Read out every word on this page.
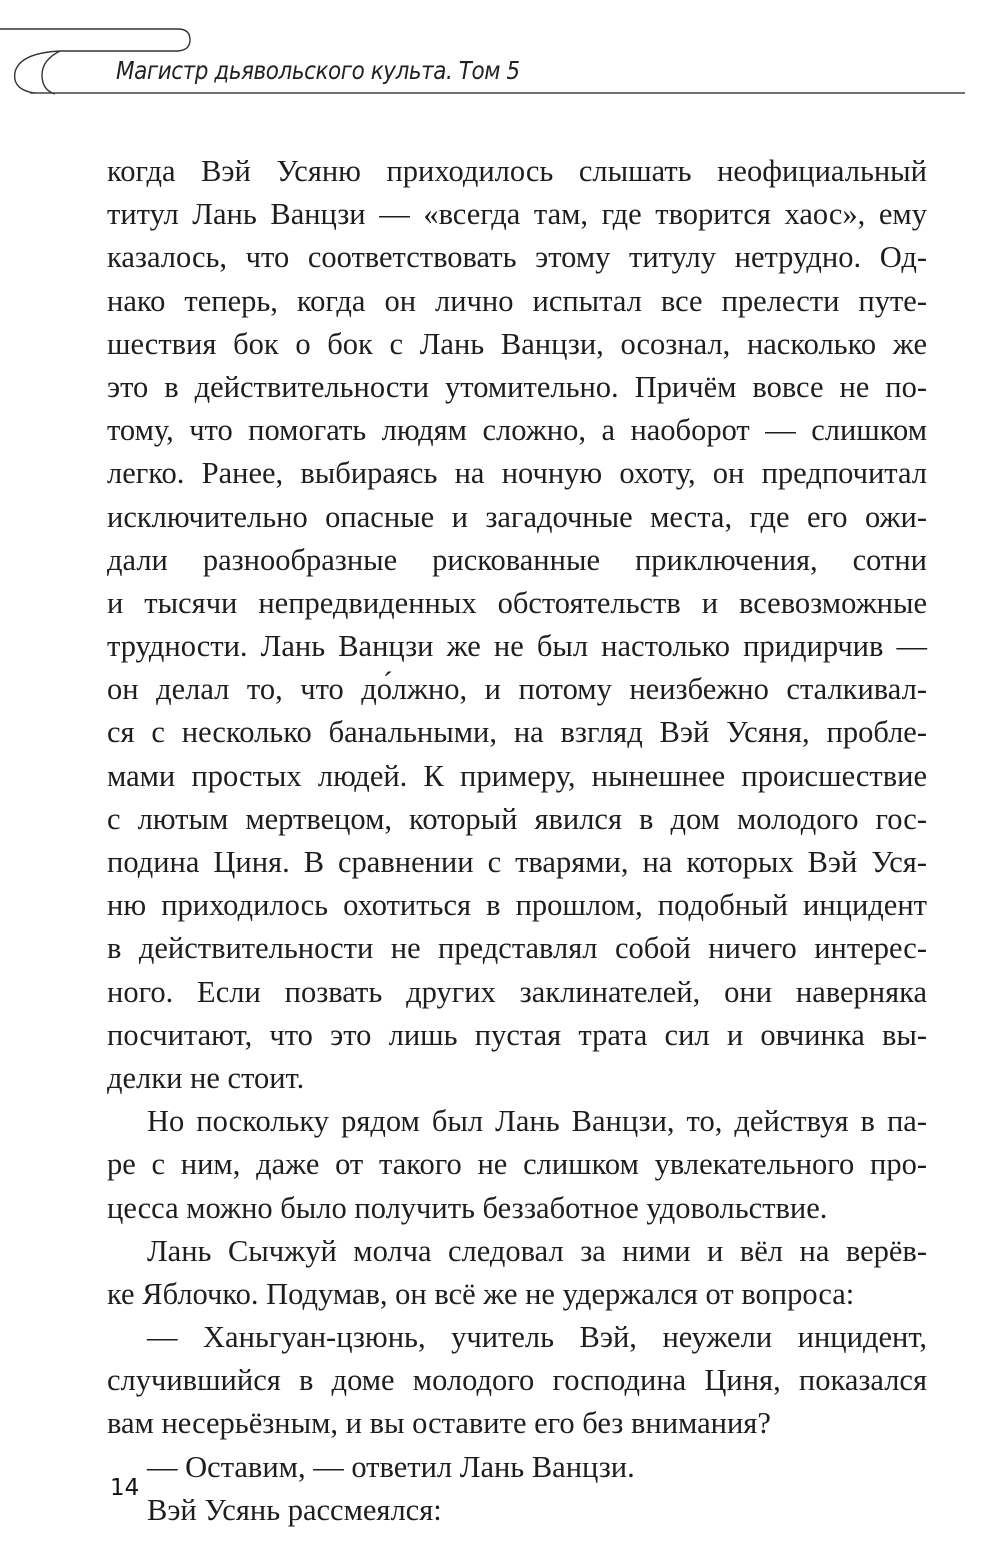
Магистр дьявольского культа. Том 5
когда Вэй Усяню приходилось слышать неофициальный
титул Лань Ванцзи — «всегда там, где творится хаос», ему
казалось, что соответствовать этому титулу нетрудно. Од-
нако теперь, когда он лично испытал все прелести путе-
шествия бок о бок с Лань Ванцзи, осознал, насколько же
это в действительности утомительно. Причём вовсе не по-
тому, что помогать людям сложно, а наоборот — слишком
легко. Ранее, выбираясь на ночную охоту, он предпочитал
исключительно опасные и загадочные места, где его ожи-
дали разнообразные рискованные приключения, сотни
и тысячи непредвиденных обстоятельств и всевозможные
трудности. Лань Ванцзи же не был настолько придирчив —
он делал то, что до́лжно, и потому неизбежно сталкивал-
ся с несколько банальными, на взгляд Вэй Усяня, пробле-
мами простых людей. К примеру, нынешнее происшествие
с лютым мертвецом, который явился в дом молодого гос-
подина Циня. В сравнении с тварями, на которых Вэй Уся-
ню приходилось охотиться в прошлом, подобный инцидент
в действительности не представлял собой ничего интерес-
ного. Если позвать других заклинателей, они наверняка
посчитают, что это лишь пустая трата сил и овчинка вы-
делки не стоит.
Но поскольку рядом был Лань Ванцзи, то, действуя в па-
ре с ним, даже от такого не слишком увлекательного про-
цесса можно было получить беззаботное удовольствие.
Лань Сычжуй молча следовал за ними и вёл на верёв-
ке Яблочко. Подумав, он всё же не удержался от вопроса:
— Ханьгуан-цзюнь, учитель Вэй, неужели инцидент,
случившийся в доме молодого господина Циня, показался
вам несерьёзным, и вы оставите его без внимания?
— Оставим, — ответил Лань Ванцзи.
Вэй Усянь рассмеялся:
14
